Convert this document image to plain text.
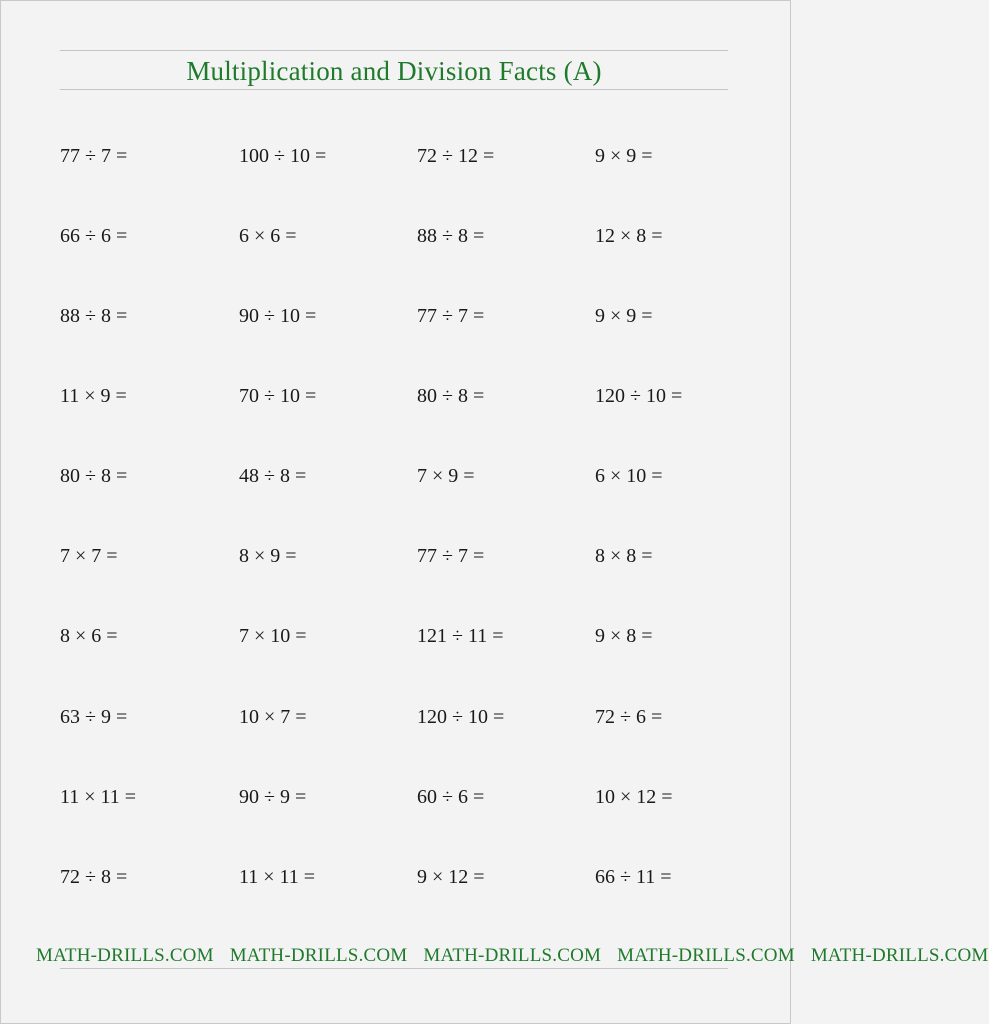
Multiplication and Division Facts (A)
77 ÷ 7 =	100 ÷ 10 =	72 ÷ 12 =	9 × 9 =
66 ÷ 6 =	6 × 6 =	88 ÷ 8 =	12 × 8 =
88 ÷ 8 =	90 ÷ 10 =	77 ÷ 7 =	9 × 9 =
11 × 9 =	70 ÷ 10 =	80 ÷ 8 =	120 ÷ 10 =
80 ÷ 8 =	48 ÷ 8 =	7 × 9 =	6 × 10 =
7 × 7 =	8 × 9 =	77 ÷ 7 =	8 × 8 =
8 × 6 =	7 × 10 =	121 ÷ 11 =	9 × 8 =
63 ÷ 9 =	10 × 7 =	120 ÷ 10 =	72 ÷ 6 =
11 × 11 =	90 ÷ 9 =	60 ÷ 6 =	10 × 12 =
72 ÷ 8 =	11 × 11 =	9 × 12 =	66 ÷ 11 =
MATH-DRILLS.COM MATH-DRILLS.COM MATH-DRILLS.COM MATH-DRILLS.COM MATH-DRILLS.COM
